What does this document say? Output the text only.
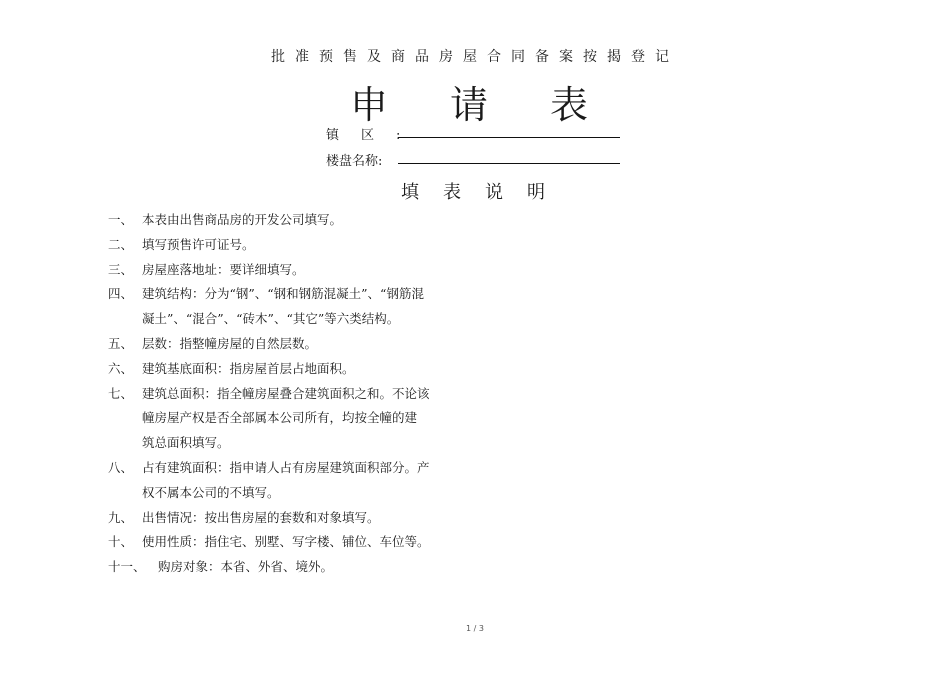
批准预售及商品房屋合同备案按揭登记
申请表
镇区:
楼盘名称:
填表说明
一、 本表由出售商品房的开发公司填写。
二、 填写预售许可证号。
三、 房屋座落地址：要详细填写。
四、 建筑结构：分为“钢”、“钢和钢筋混凝土”、“钢筋混
凝土”、“混合”、“砖木”、“其它”等六类结构。
五、 层数：指整幢房屋的自然层数。
六、 建筑基底面积：指房屋首层占地面积。
七、 建筑总面积：指全幢房屋叠合建筑面积之和。不论该
幢房屋产权是否全部属本公司所有，均按全幢的建
筑总面积填写。
八、 占有建筑面积：指申请人占有房屋建筑面积部分。产
权不属本公司的不填写。
九、 出售情况：按出售房屋的套数和对象填写。
十、 使用性质：指住宅、别墅、写字楼、铺位、车位等。
十一、 购房对象：本省、外省、境外。
1 / 3
